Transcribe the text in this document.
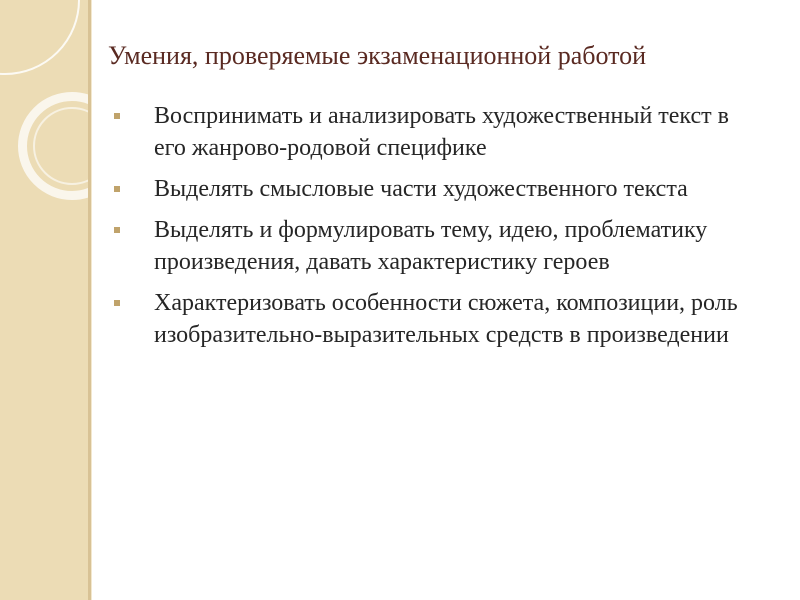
Умения, проверяемые экзаменационной работой
Воспринимать и анализировать художественный текст в его жанрово-родовой специфике
Выделять смысловые части художественного текста
Выделять и формулировать тему, идею, проблематику произведения, давать характеристику героев
Характеризовать особенности сюжета, композиции, роль изобразительно-выразительных средств в произведении
